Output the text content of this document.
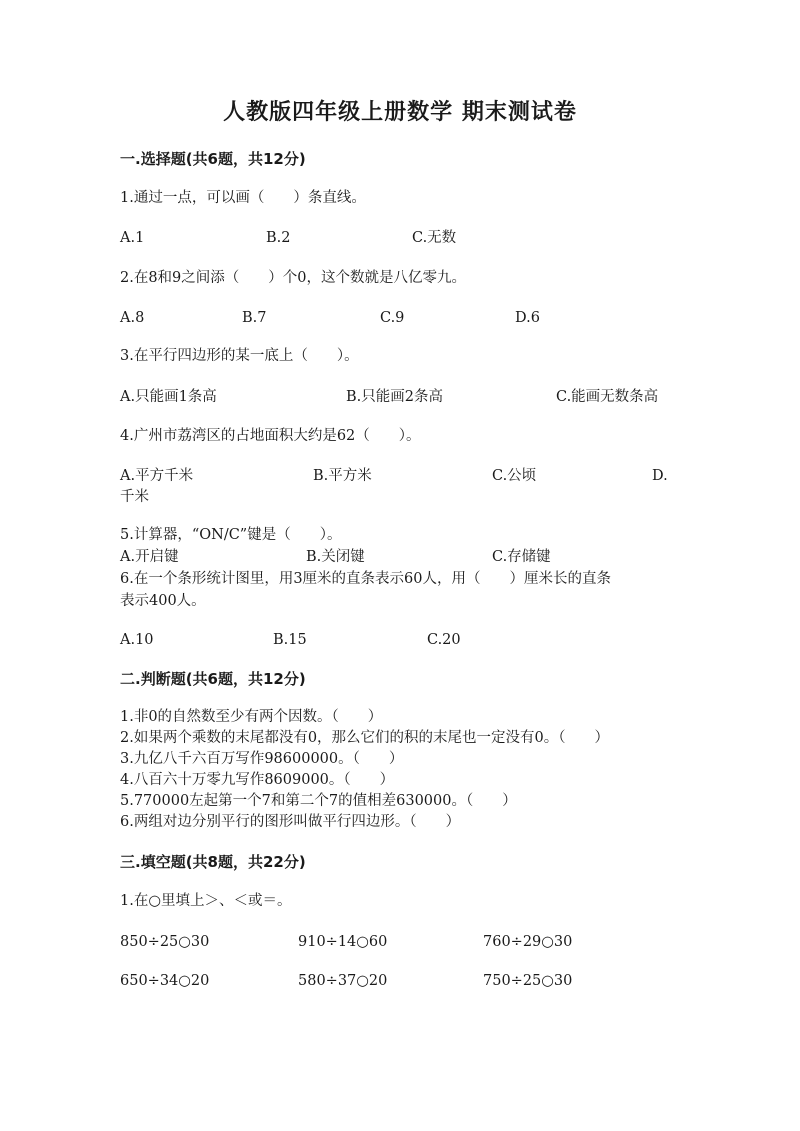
人教版四年级上册数学 期末测试卷
一.选择题(共6题，共12分)
1.通过一点，可以画（　　）条直线。
A.1	B.2	C.无数
2.在8和9之间添（　　）个0，这个数就是八亿零九。
A.8	B.7	C.9	D.6
3.在平行四边形的某一底上（　　）。
A.只能画1条高	B.只能画2条高	C.能画无数条高
4.广州市荔湾区的占地面积大约是62（　　）。
A.平方千米	B.平方米	C.公顷	D.
千米
5.计算器，“ON/C”键是（　　）。
A.开启键	B.关闭键	C.存储键
6.在一个条形统计图里，用3厘米的直条表示60人，用（　　）厘米长的直条
表示400人。
A.10	B.15	C.20
二.判断题(共6题，共12分)
1.非0的自然数至少有两个因数。（　　）
2.如果两个乘数的末尾都没有0，那么它们的积的末尾也一定没有0。（　　）
3.九亿八千六百万写作98600000。（　　）
4.八百六十万零九写作8609000。（　　）
5.770000左起第一个7和第二个7的值相差630000。（　　）
6.两组对边分别平行的图形叫做平行四边形。（　　）
三.填空题(共8题，共22分)
1.在○里填上＞、＜或＝。
850÷25○30	910÷14○60	760÷29○30
650÷34○20	580÷37○20	750÷25○30
